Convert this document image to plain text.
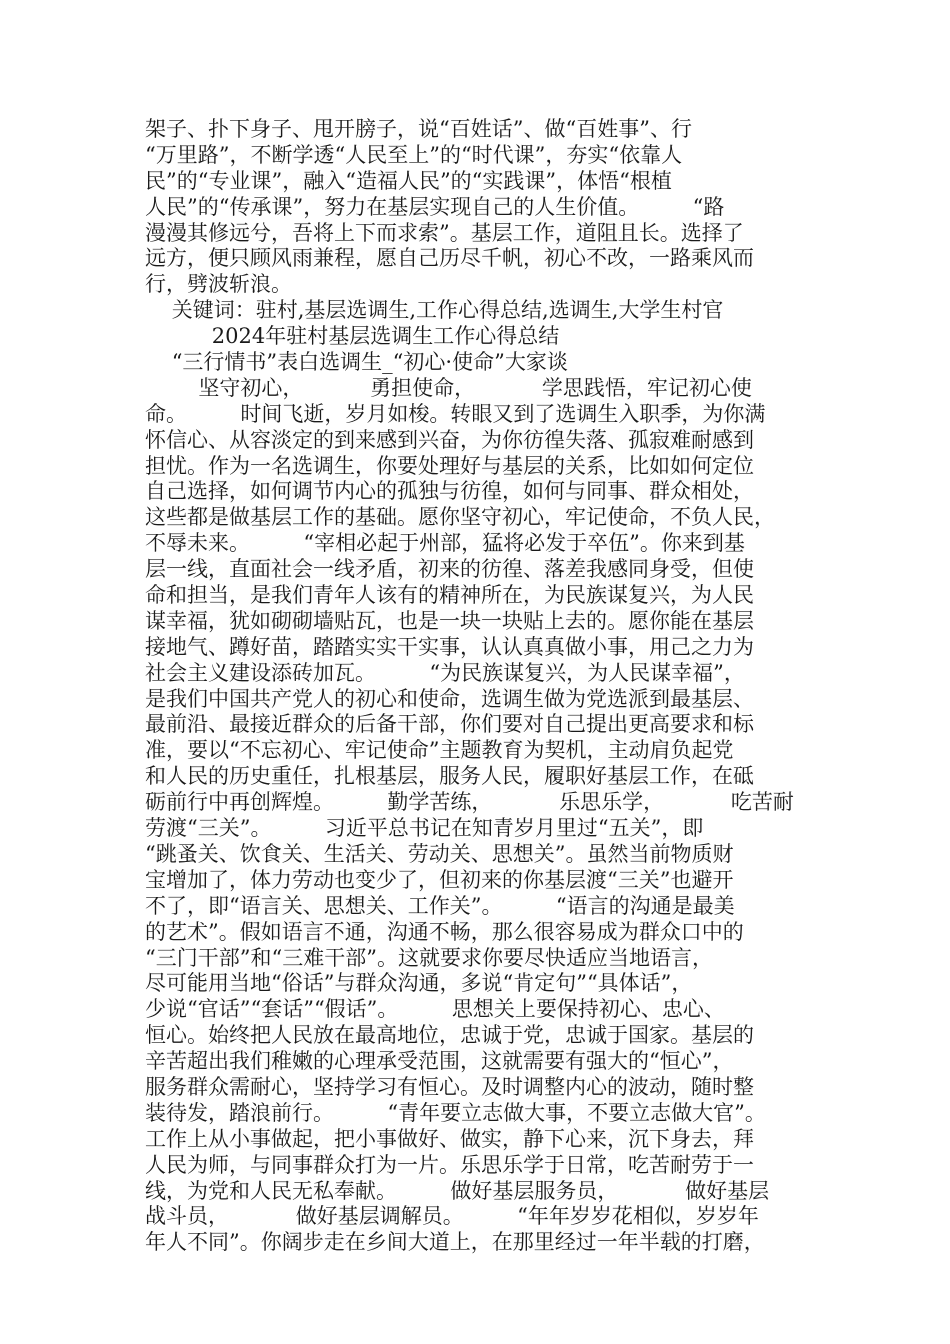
架子、扑下身子、甩开膀子，说“百姓话”、做“百姓事”、行
“万里路”，不断学透“人民至上”的“时代课”，夯实“依靠人
民”的“专业课”，融入“造福人民”的“实践课”，体悟“根植
人民”的“传承课”，努力在基层实现自己的人生价值。        “路
漫漫其修远兮，吾将上下而求索”。基层工作，道阻且长。选择了
远方，便只顾风雨兼程，愿自己历尽千帆，初心不改，一路乘风而
行，劈波斩浪。
关键词：驻村,基层选调生,工作心得总结,选调生,大学生村官
2024年驻村基层选调生工作心得总结
“三行情书”表白选调生_“初心·使命”大家谈
坚守初心，          勇担使命，          学思践悟，牢记初心使
命。        时间飞逝，岁月如梭。转眼又到了选调生入职季，为你满
怀信心、从容淡定的到来感到兴奋，为你彷徨失落、孤寂难耐感到
担忧。作为一名选调生，你要处理好与基层的关系，比如如何定位
自己选择，如何调节内心的孤独与彷徨，如何与同事、群众相处，
这些都是做基层工作的基础。愿你坚守初心，牢记使命，不负人民，
不辱未来。        “宰相必起于州部，猛将必发于卒伍”。你来到基
层一线，直面社会一线矛盾，初来的彷徨、落差我感同身受，但使
命和担当，是我们青年人该有的精神所在，为民族谋复兴，为人民
谋幸福，犹如砌砌墙贴瓦，也是一块一块贴上去的。愿你能在基层
接地气、蹲好苗，踏踏实实干实事，认认真真做小事，用己之力为
社会主义建设添砖加瓦。        “为民族谋复兴，为人民谋幸福”，
是我们中国共产党人的初心和使命，选调生做为党选派到最基层、
最前沿、最接近群众的后备干部，你们要对自己提出更高要求和标
准，要以“不忘初心、牢记使命”主题教育为契机，主动肩负起党
和人民的历史重任，扎根基层，服务人民，履职好基层工作，在砥
砺前行中再创辉煌。        勤学苦练，          乐思乐学，          吃苦耐
劳渡“三关”。        习近平总书记在知青岁月里过“五关”，即
“跳蚤关、饮食关、生活关、劳动关、思想关”。虽然当前物质财
宝增加了，体力劳动也变少了，但初来的你基层渡“三关”也避开
不了，即“语言关、思想关、工作关”。        “语言的沟通是最美
的艺术”。假如语言不通，沟通不畅，那么很容易成为群众口中的
“三门干部”和“三难干部”。这就要求你要尽快适应当地语言，
尽可能用当地“俗话”与群众沟通，多说“肯定句”“具体话”，
少说“官话”“套话”“假话”。        思想关上要保持初心、忠心、
恒心。始终把人民放在最高地位，忠诚于党，忠诚于国家。基层的
辛苦超出我们稚嫩的心理承受范围，这就需要有强大的“恒心”，
服务群众需耐心，坚持学习有恒心。及时调整内心的波动，随时整
装待发，踏浪前行。        “青年要立志做大事，不要立志做大官”。
工作上从小事做起，把小事做好、做实，静下心来，沉下身去，拜
人民为师，与同事群众打为一片。乐思乐学于日常，吃苦耐劳于一
线，为党和人民无私奉献。        做好基层服务员，          做好基层
战斗员，          做好基层调解员。        “年年岁岁花相似，岁岁年
年人不同”。你阔步走在乡间大道上，在那里经过一年半载的打磨，
